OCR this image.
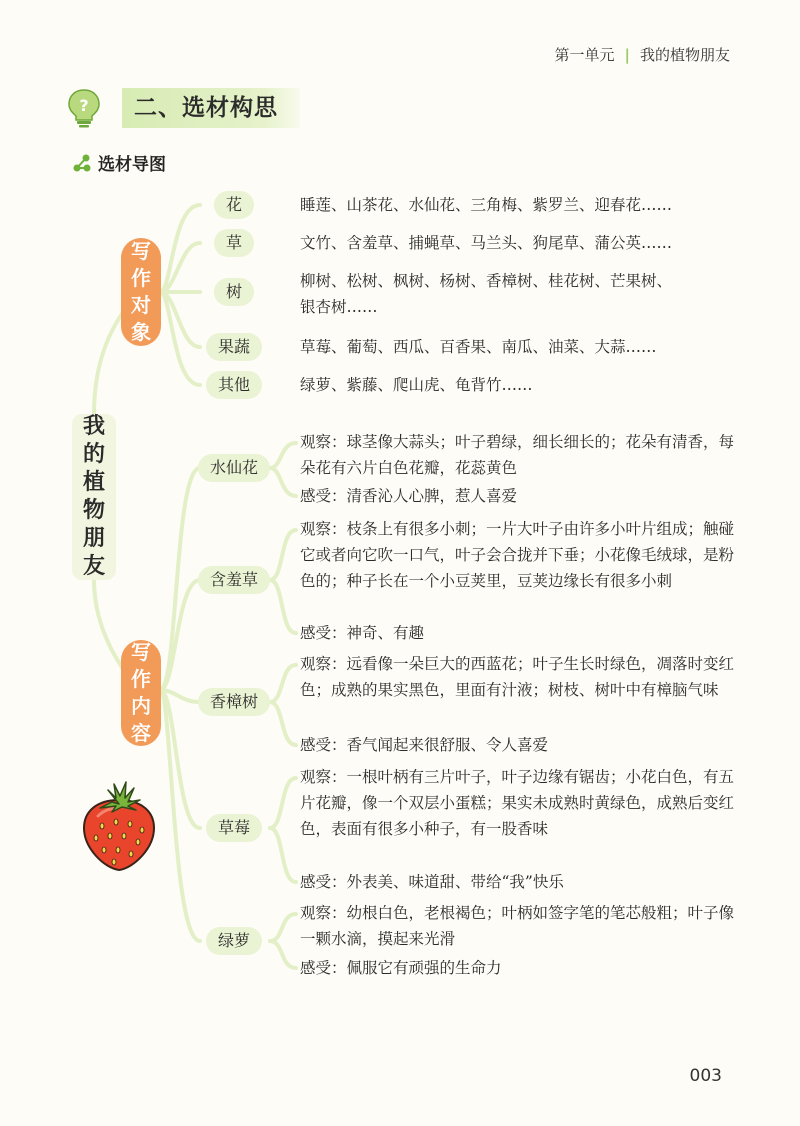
第一单元 | 我的植物朋友
?	二、选材构思
选材导图
我
的
植
物
朋
友
写
作
对
象
写
作
内
容
花	睡莲、山茶花、水仙花、三角梅、紫罗兰、迎春花……
草	文竹、含羞草、捕蝇草、马兰头、狗尾草、蒲公英……
树
柳树、松树、枫树、杨树、香樟树、桂花树、芒果树、
银杏树……
果蔬	草莓、葡萄、西瓜、百香果、南瓜、油菜、大蒜……
其他	绿萝、紫藤、爬山虎、龟背竹……
水仙花
观察：球茎像大蒜头；叶子碧绿，细长细长的；花朵有清香，每朵花有六片白色花瓣，花蕊黄色
感受：清香沁人心脾，惹人喜爱
含羞草
观察：枝条上有很多小刺；一片大叶子由许多小叶片组成；触碰它或者向它吹一口气，叶子会合拢并下垂；小花像毛绒球，是粉色的；种子长在一个小豆荚里，豆荚边缘长有很多小刺
感受：神奇、有趣
香樟树
观察：远看像一朵巨大的西蓝花；叶子生长时绿色，凋落时变红色；成熟的果实黑色，里面有汁液；树枝、树叶中有樟脑气味
感受：香气闻起来很舒服、令人喜爱
草莓
观察：一根叶柄有三片叶子，叶子边缘有锯齿；小花白色，有五片花瓣，像一个双层小蛋糕；果实未成熟时黄绿色，成熟后变红色，表面有很多小种子，有一股香味
感受：外表美、味道甜、带给“我”快乐
绿萝
观察：幼根白色，老根褐色；叶柄如签字笔的笔芯般粗；叶子像一颗水滴，摸起来光滑
感受：佩服它有顽强的生命力
003
